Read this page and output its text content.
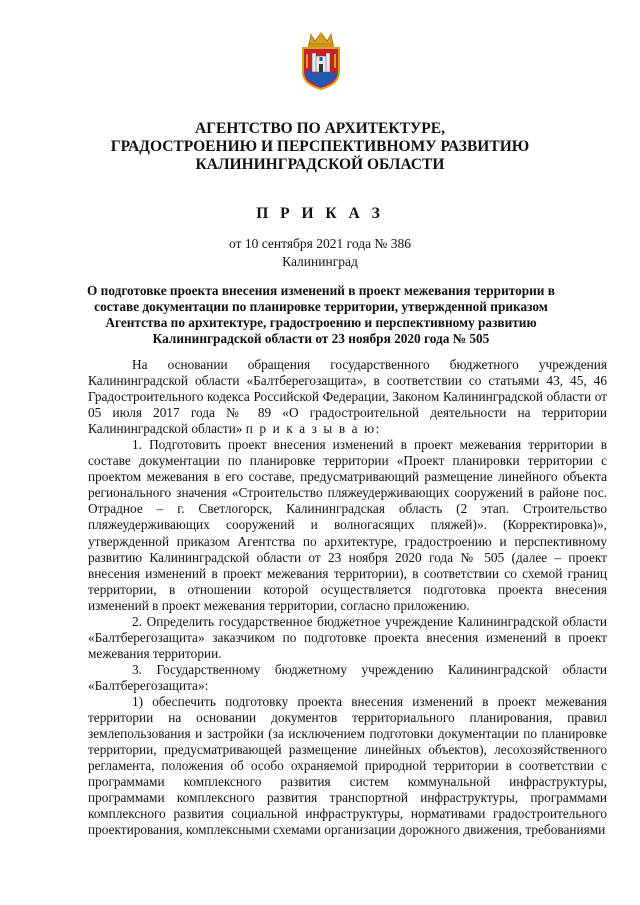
АГЕНТСТВО ПО АРХИТЕКТУРЕ,
ГРАДОСТРОЕНИЮ И ПЕРСПЕКТИВНОМУ РАЗВИТИЮ
КАЛИНИНГРАДСКОЙ ОБЛАСТИ
П Р И К А З
от 10 сентября 2021 года № 386
Калининград
О подготовке проекта внесения изменений в проект межевания территории в составе документации по планировке территории, утвержденной приказом Агентства по архитектуре, градостроению и перспективному развитию Калининградской области от 23 ноября 2020 года № 505

На основании обращения государственного бюджетного учреждения Калининградской области «Балтберегозащита», в соответствии со статьями 43, 45, 46 Градостроительного кодекса Российской Федерации, Законом Калининградской области от 05 июля 2017 года № 89 «О градостроительной деятельности на территории Калининградской области» п р и к а з ы в а ю:

1. Подготовить проект внесения изменений в проект межевания территории в составе документации по планировке территории «Проект планировки территории с проектом межевания в его составе, предусматривающий размещение линейного объекта регионального значения «Строительство пляжеудерживающих сооружений в районе пос. Отрадное – г. Светлогорск, Калининградская область (2 этап. Строительство пляжеудерживающих сооружений и волногасящих пляжей)». (Корректировка)», утвержденной приказом Агентства по архитектуре, градостроению и перспективному развитию Калининградской области от 23 ноября 2020 года № 505 (далее – проект внесения изменений в проект межевания территории), в соответствии со схемой границ территории, в отношении которой осуществляется подготовка проекта внесения изменений в проект межевания территории, согласно приложению.

2. Определить государственное бюджетное учреждение Калининградской области «Балтберегозащита» заказчиком по подготовке проекта внесения изменений в проект межевания территории.

3. Государственному бюджетному учреждению Калининградской области «Балтберегозащита»:

1) обеспечить подготовку проекта внесения изменений в проект межевания территории на основании документов территориального планирования, правил землепользования и застройки (за исключением подготовки документации по планировке территории, предусматривающей размещение линейных объектов), лесохозяйственного регламента, положения об особо охраняемой природной территории в соответствии с программами комплексного развития систем коммунальной инфраструктуры, программами комплексного развития транспортной инфраструктуры, программами комплексного развития социальной инфраструктуры, нормативами градостроительного проектирования, комплексными схемами организации дорожного движения, требованиями
